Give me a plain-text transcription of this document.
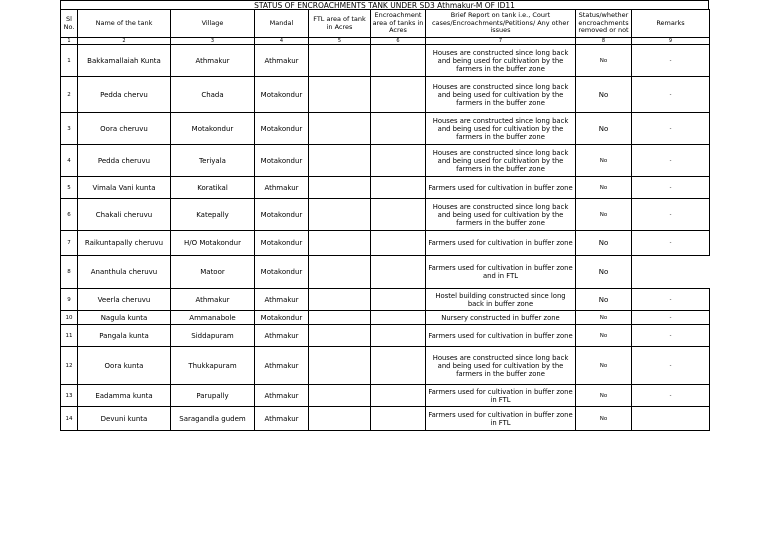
STATUS OF ENCROACHMENTS TANK UNDER SD3 Athmakur-M OF ID11
Sl No.	Name of the tank	Village	Mandal	FTL area of tank in Acres	Encroachment area of tanks in Acres	Brief Report on tank i.e., Court cases/Encroachments/Petitions/ Any other issues	Status/whether encroachments removed or not	Remarks
1	2	3	4	5	6	7	8	9
1	Bakkamallaiah Kunta	Athmakur	Athmakur			Houses are constructed since long back and being used for cultivation by the farmers in the buffer zone	No	-
2	Pedda chervu	Chada	Motakondur			Houses are constructed since long back and being used for cultivation by the farmers in the buffer zone	No	-
3	Oora cheruvu	Motakondur	Motakondur			Houses are constructed since long back and being used for cultivation by the farmers in the buffer zone	No	-
4	Pedda cheruvu	Teriyala	Motakondur			Houses are constructed since long back and being used for cultivation by the farmers in the buffer zone	No	-
5	Vimala Vani kunta	Koratikal	Athmakur			Farmers used for cultivation in buffer zone	No	-
6	Chakali cheruvu	Katepally	Motakondur			Houses are constructed since long back and being used for cultivation by the farmers in the buffer zone	No	-
7	Raikuntapally cheruvu	H/O Motakondur	Motakondur			Farmers used for cultivation in buffer zone	No	-
8	Ananthula cheruvu	Matoor	Motakondur			Farmers used for cultivation in buffer zone and in FTL	No	
9	Veerla cheruvu	Athmakur	Athmakur			Hostel building constructed since long back in buffer zone	No	-
10	Nagula kunta	Ammanabole	Motakondur			Nursery constructed in buffer zone	No	-
11	Pangala kunta	Siddapuram	Athmakur			Farmers used for cultivation in buffer zone	No	-
12	Oora kunta	Thukkapuram	Athmakur			Houses are constructed since long back and being used for cultivation by the farmers in the buffer zone	No	-
13	Eadamma kunta	Parupally	Athmakur			Farmers used for cultivation in buffer zone in FTL	No	-
14	Devuni kunta	Saragandla gudem	Athmakur			Farmers used for cultivation in buffer zone in FTL	No	
